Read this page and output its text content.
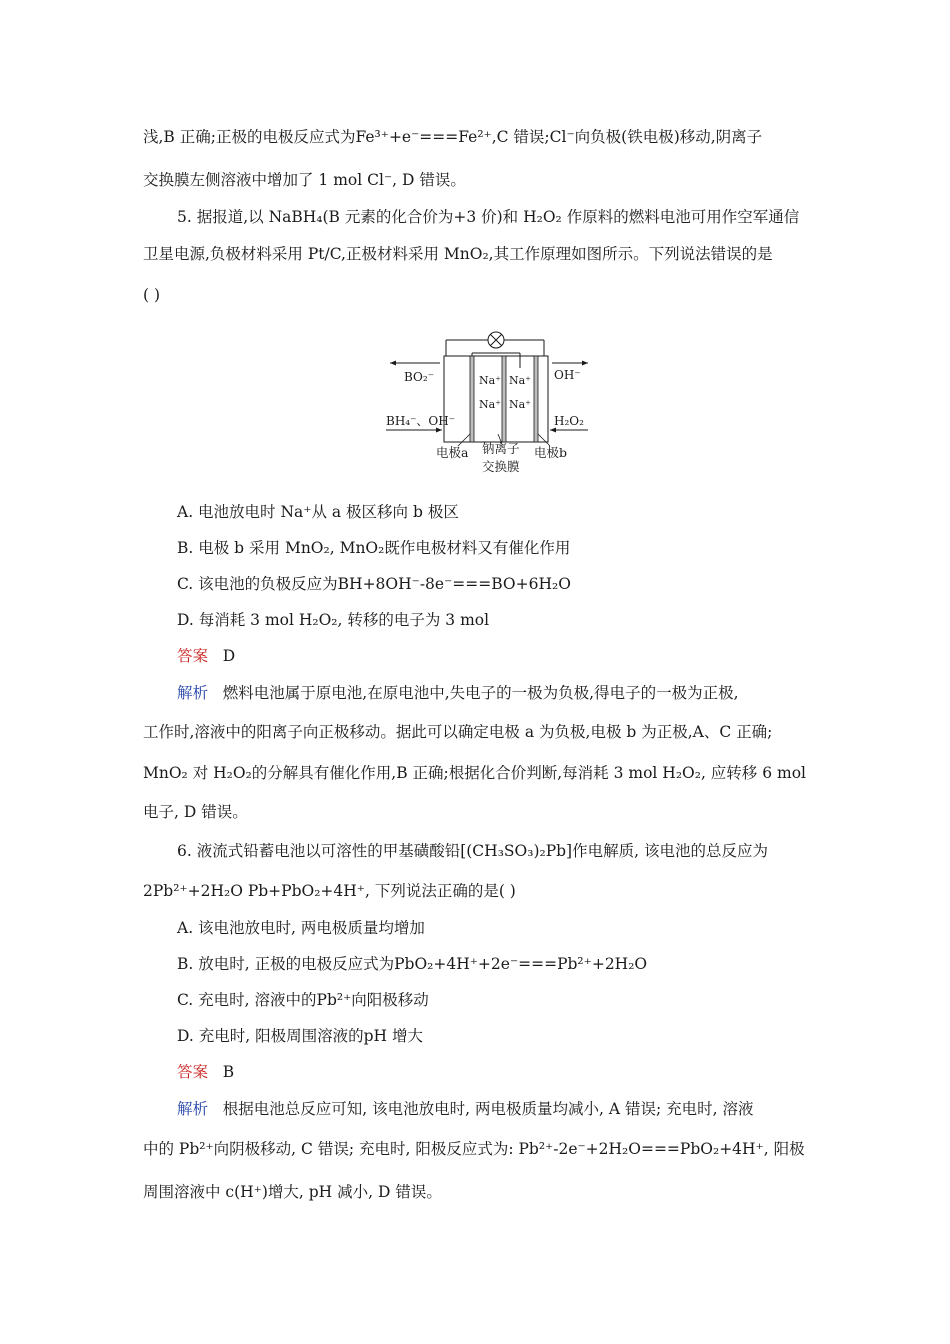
浅,B 正确;正极的电极反应式为Fe³⁺+e⁻===Fe²⁺,C 错误;Cl⁻向负极(铁电极)移动,阴离子
交换膜左侧溶液中增加了 1 mol Cl⁻, D 错误。
5. 据报道,以 NaBH₄(B 元素的化合价为+3 价)和 H₂O₂ 作原料的燃料电池可用作空军通信
卫星电源,负极材料采用 Pt/C,正极材料采用 MnO₂,其工作原理如图所示。下列说法错误的是
( )
Na⁺ Na⁺
Na⁺ Na⁺
BO₂⁻
BH₄⁻、OH⁻
OH⁻
H₂O₂
电极a 钠离子
交换膜
电极b
A. 电池放电时 Na⁺从 a 极区移向 b 极区
B. 电极 b 采用 MnO₂, MnO₂既作电极材料又有催化作用
C. 该电池的负极反应为BH+8OH⁻-8e⁻===BO+6H₂O
D. 每消耗 3 mol H₂O₂, 转移的电子为 3 mol
答案 D
解析 燃料电池属于原电池,在原电池中,失电子的一极为负极,得电子的一极为正极,
工作时,溶液中的阳离子向正极移动。据此可以确定电极 a 为负极,电极 b 为正极,A、C 正确;
MnO₂ 对 H₂O₂的分解具有催化作用,B 正确;根据化合价判断,每消耗 3 mol H₂O₂, 应转移 6 mol
电子, D 错误。
6. 液流式铅蓄电池以可溶性的甲基磺酸铅[(CH₃SO₃)₂Pb]作电解质, 该电池的总反应为
2Pb²⁺+2H₂O Pb+PbO₂+4H⁺, 下列说法正确的是( )
A. 该电池放电时, 两电极质量均增加
B. 放电时, 正极的电极反应式为PbO₂+4H⁺+2e⁻===Pb²⁺+2H₂O
C. 充电时, 溶液中的Pb²⁺向阳极移动
D. 充电时, 阳极周围溶液的pH 增大
答案 B
解析 根据电池总反应可知, 该电池放电时, 两电极质量均减小, A 错误; 充电时, 溶液
中的 Pb²⁺向阴极移动, C 错误; 充电时, 阳极反应式为: Pb²⁺-2e⁻+2H₂O===PbO₂+4H⁺, 阳极
周围溶液中 c(H⁺)增大, pH 减小, D 错误。
